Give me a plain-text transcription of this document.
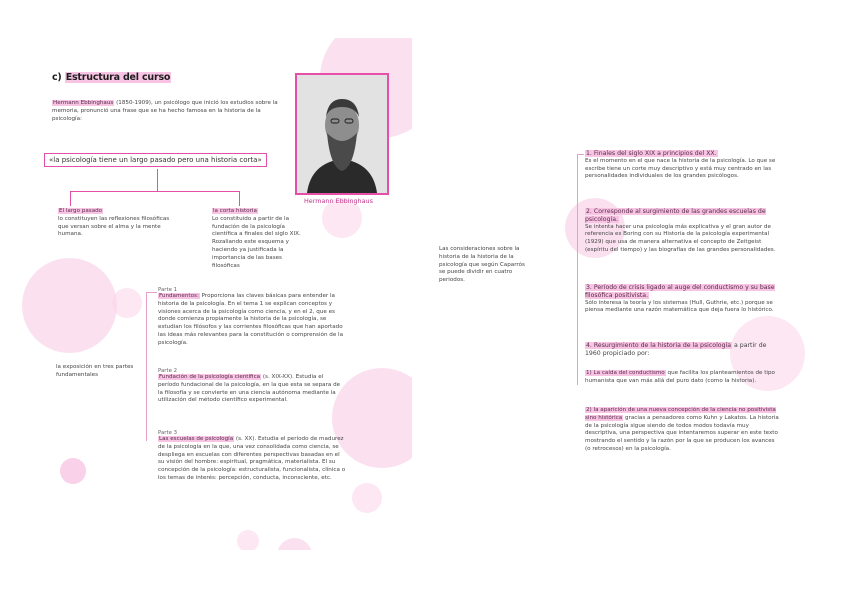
c) Estructura del curso
Hermann Ebbinghaus (1850-1909), un psicólogo que inició los estudios sobre la memoria, pronunció una frase que se ha hecho famosa en la historia de la psicología:
Hermann Ebbinghaus
«la psicología tiene un largo pasado pero una historia corta»
El largo pasado
lo constituyen las reflexiones filosóficas que versan sobre el alma y la mente humana.
la corta historia
Lo constituido a partir de la fundación de la psicología científica a finales del siglo XIX. Rozaliando este esquema y haciendo ya justificada la importancia de las bases filosóficas
la exposición en tres partes fundamentales
Parte 1
Fundamentos: Proporciona las claves básicas para entender la historia de la psicología. En el tema 1 se explican conceptos y visiones acerca de la psicología como ciencia, y en el 2, que es donde comienza propiamente la historia de la psicología, se estudian los filósofos y las corrientes filosóficas que han aportado las ideas más relevantes para la constitución o comprensión de la psicología.
Parte 2
Fundación de la psicología científica (s. XIX-XX). Estudia el período fundacional de la psicología, en la que esta se separa de la filosofía y se convierte en una ciencia autónoma mediante la utilización del método científico experimental.
Parte 3
Las escuelas de psicología (s. XX). Estudia el período de madurez de la psicología en la que, una vez consolidada como ciencia, se despliega en escuelas con diferentes perspectivas basadas en el su visión del hombre: espiritual, pragmática, materialista. El su concepción de la psicología: estructuralista, funcionalista, clínica o los temas de interés: percepción, conducta, inconsciente, etc.
Las consideraciones sobre la historia de la historia de la psicología que según Caparrós se puede dividir en cuatro periodos.
1. Finales del siglo XIX a principios del XX.
Es el momento en el que nace la historia de la psicología. Lo que se escribe tiene un corte muy descriptivo y está muy centrado en las personalidades individuales de los grandes psicólogos.
2. Corresponde al surgimiento de las grandes escuelas de psicología.
Se intenta hacer una psicología más explicativa y el gran autor de referencia es Boring con su Historia de la psicología experimental (1929) que usa de manera alternativa el concepto de Zeitgeist (espíritu del tiempo) y las biografías de las grandes personalidades.
3. Período de crisis ligado al auge del conductismo y su base filosófica positivista.
Sólo interesa la teoría y los sistemas (Hull, Guthrie, etc.) porque se piensa mediante una razón matemática que deja fuera lo histórico.
4. Resurgimiento de la historia de la psicología a partir de 1960 propiciado por:
1) La caída del conductismo que facilita los planteamientos de tipo humanista que van más allá del puro dato (como la historia).
2) la aparición de una nueva concepción de la ciencia no positivista sino histórica gracias a pensadores como Kuhn y Lakatos. La historia de la psicología sigue siendo de todos modos todavía muy descriptiva, una perspectiva que intentaremos superar en este texto mostrando el sentido y la razón por la que se producen los avances (o retrocesos) en la psicología.
